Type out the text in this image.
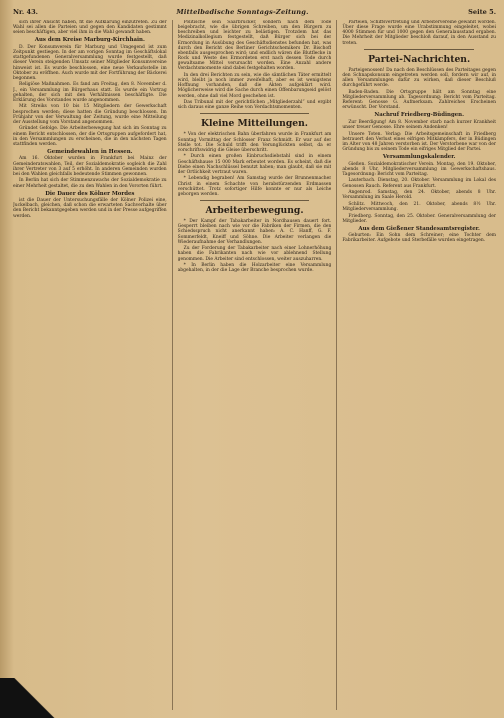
Nr. 43.	Mittelbadische Sonntags-Zeitung.	Seite 5.

sich ihrer Ansicht haben, fit die Aufklärung einzutreten. Zu der Wahl sei allen die Parteien und gegen den Kandidaten gestimmt seien beschäftigen, aber viel ihm in die Wahl gewandt haben.

Aus dem Kreise Marburg-Kirchhain.

D. Der Konsumverein für Marburg und Umgegend ist zum Zeitpunkt gestiegen. In der am vorigen Sonntag im Geschäftslokal stattgefundenen Generalversammlung wurde festgestellt, daß dieser Verein steigenden Umsatz seiner Mitglieder Konsumvereine hinweist ist. Es wurde beschlossen, eine neue Verkaufsstelle im Oktober zu eröffnen. Auch wurde mit der Fortführung der Bäckerei begonnen.

Religiöse Maßnahmen. Es fand am Freitag, den 8. November d. J., ein Versammlung im Bürgerhaus statt. Es wurde ein Vortrag gehalten, der sich mit den Verhältnissen beschäftigte. Die Erklärung des Vorstandes wurde angenommen.

Mit Streiks von 10 bis 15 Mitgliedern der Gewerkschaft besprochen werden; diese hatten die Gründung beschlossen. Im Frühjahr von der Verwaltung der Zeitung, wurde eine Mitteilung der Ausstellung vom Vorstand angenommen.

Gründet Gefolge. Die Arbeiterbewegung hat sich im Sonntag zu einem Bericht entschlossen, der die Ortsgruppen aufgefordert hat, in den Versammlungen zu erscheinen, die in den nächsten Tagen stattfinden werden.

Gemeindewahlen in Hessen.

Am 16. Oktober wurden in Frankfurt bei Mainz der Gemeinderatswahlen, Teil, der Sozialdemokratie sogleich die Zahl ihrer Vertreter von 3 auf 5 erhöht. In anderen Gemeinden wurden bei den Wahlen gleichfalls bedeutende Stimmen gewonnen.

In Berlin hat sich der Stimmenzuwachs der Sozialdemokratie zu einer Mehrheit gestaltet, die zu den Wahlen in den Vororten führt.

Die Dauer des Kölner Mordes

ist die Dauer der Untersuchungsfälle der Kölner Polizei eine, Juckelbach, gleichen, daß schon die erwarteten Sachverhalte über den Bericht bekanntgegeben werden und in der Presse aufgegriffen werden.

Politische sein Saarbrücker, sondern nach dem Tode beigebracht, wie die übrigen Schreiben, um den Bürgern zu beschreiben und leichter zu belästigen. Trotzdem hat das Medizinalkollegium festgestellt, daß Bürger sich bei der Ermordung in Ausübung des Geschäftsdienstes befunden hat, was durch den Bericht des Berliner Gerichtschemikers Dr. Bischoff ebenfalls ausgesprochen wird; und endlich wären die Blutflecke in Rock und Weste des Ermordeten erst nach dessen Tode durch gewaltsame Mittel verursacht worden. Eine Anzahl andere Verdachtsmomente sind dabei festgehalten worden.

In den drei Berichten zu sein, wie die sämtlichen Täter ermittelt wird, bleibt ja noch immer zweifelhaft, aber es ist wenigstens Hoffnung vorhanden, daß die Akten aufgeklärt wird. Möglicherweise wird die Sache durch einen Offenbarungseid gelöst werden, ohne daß viel Mord geschehen ist.

Das Tribunal mit der gerichtlichen „Mitgliederzahl“ und ergibt sich daraus eine ganze Reihe von Verdachtsmomenten.

Kleine Mitteilungen.

* Von der elektrischen Bahn überfahren wurde in Frankfurt am Sonntag Vormittag der Schlosser Franz Schmidt. Er war auf der Stelle tot. Die Schuld trifft den Verunglückten selbst, da er vorschriftswidrig die Gleise überschritt.

* Durch einen großen Einbruchsdiebstahl sind in einem Geschäftshause 15 000 Mark erbeutet worden. Es scheint, daß die Diebe einen Nachschlüssel benutzt haben; man glaubt, daß sie mit der Ortlichkeit vertraut waren.

* Lebendig begraben! Am Samstag wurde der Brunnenmacher Christ in einem Schachte von herabstürzenden Erdmassen verschüttet. Trotz sofortiger Hilfe konnte er nur als Leiche geborgen werden.

Arbeiterbewegung.

* Der Kampf der Tabakarbeiter in Nordhausen dauert fort. Gesperrt bleiben nach wie vor die Fabriken der Firmen, die den Schiedsspruch nicht anerkannt haben: A. C. Hanff, G. F. Sommerfeldt, Kneiff und Söhne. Die Arbeiter verlangen die Wiederaufnahme der Verhandlungen.

Zu der Forderung der Tabakarbeiter nach einer Lohnerhöhung haben die Fabrikanten nach wie vor ablehnend Stellung genommen. Die Arbeiter sind entschlossen, weiter auszuharren.

* In Berlin haben die Holzarbeiter eine Versammlung abgehalten, in der die Lage der Branche besprochen wurde.

Parteien, Schiffsvertretung und Arbeitervereine gewählt worden. Über diese Frage wurde eine Urabstimmung eingeleitet, wobei 4000 Stimmen für und 1000 gegen den Generalausstand ergaben. Die Mehrheit der Mitglieder beschloß darauf, in den Ausstand zu treten.

Partei-Nachrichten.

Parteigenossen! Da nach den Beschlüssen des Parteitages gegen den Schnapskonsum eingetreten werden soll, fordern wir auf, in allen Versammlungen dafür zu wirken, daß dieser Beschluß durchgeführt werde.

Baden-Baden. Die Ortsgruppe hält am Sonntag eine Mitgliederversammlung ab. Tagesordnung: Bericht vom Parteitag. Referent: Genosse G. Aufmerksam. Zahlreiches Erscheinen erwünscht. Der Vorstand.

Nachruf Friedberg-Büdingen.

Zur Beerdigung! Am 8. November starb nach kurzer Krankheit unser treuer Genosse. Ehre seinem Andenken!

Unsere Toten. Verlag: Die Arbeitsgemeinschaft in Friedberg betrauert den Verlust eines eifrigen Mitkämpfers, der in Büdingen im Alter von 48 Jahren verstorben ist. Der Verstorbene war von der Gründung bis zu seinem Tode ein eifriges Mitglied der Partei.

Versammlungskalender.

Gießen. Sozialdemokratischer Verein. Montag, den 19. Oktober, abends 8 Uhr, Mitgliederversammlung im Gewerkschaftshaus. Tagesordnung: Bericht vom Parteitag.

Lauterbach. Dienstag, 20. Oktober. Versammlung im Lokal des Genossen Rauch. Referent aus Frankfurt.

Angenrod. Samstag, den 24. Oktober, abends 8 Uhr. Versammlung im Saale Herold.

Schlitz. Mittwoch, den 21. Oktober, abends 8½ Uhr. Mitgliederversammlung.

Friedberg. Sonntag, den 25. Oktober. Generalversammlung der Mitglieder.

Aus dem Gießener Standesamtsregister.

Geburten: Ein Sohn dem Schreiner; eine Tochter dem Fabrikarbeiter. Aufgebote und Sterbefälle wurden eingetragen.
